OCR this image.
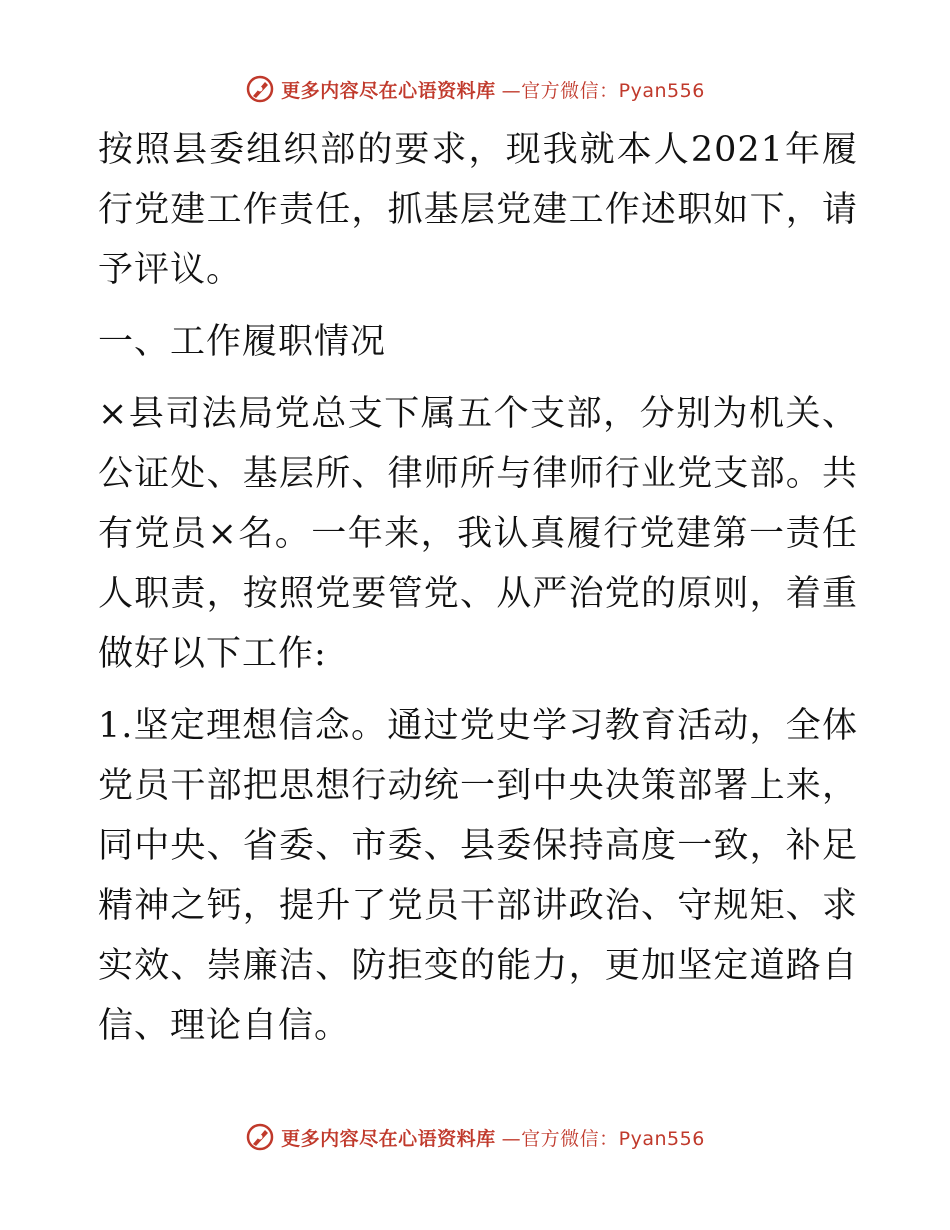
更多内容尽在心语资料库 —官方微信：Pyan556

按照县委组织部的要求，现我就本人2021年履行党建工作责任，抓基层党建工作述职如下，请予评议。

一、工作履职情况

×县司法局党总支下属五个支部，分别为机关、公证处、基层所、律师所与律师行业党支部。共有党员×名。一年来，我认真履行党建第一责任人职责，按照党要管党、从严治党的原则，着重做好以下工作:

1.坚定理想信念。通过党史学习教育活动，全体党员干部把思想行动统一到中央决策部署上来，同中央、省委、市委、县委保持高度一致，补足精神之钙，提升了党员干部讲政治、守规矩、求实效、崇廉洁、防拒变的能力，更加坚定道路自信、理论自信。

更多内容尽在心语资料库 —官方微信：Pyan556
